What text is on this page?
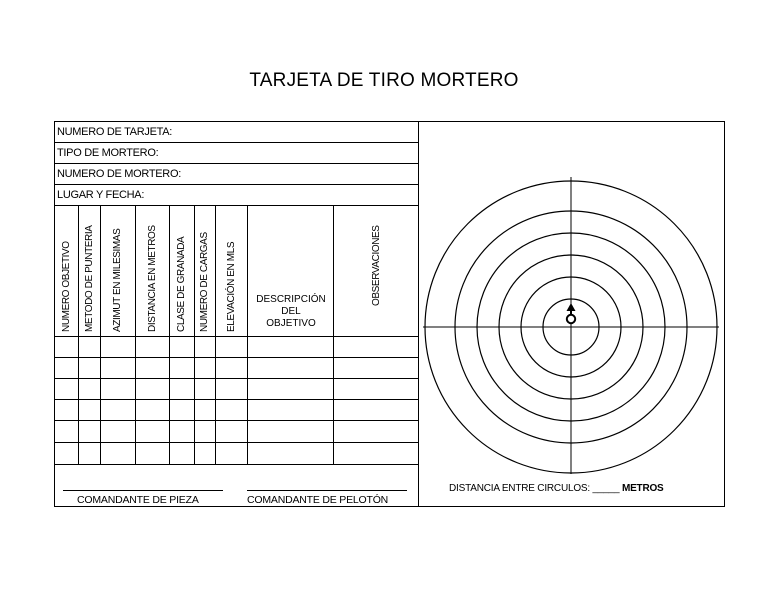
TARJETA DE TIRO MORTERO
NUMERO DE TARJETA:
TIPO DE MORTERO:
NUMERO DE MORTERO:
LUGAR Y FECHA:
NUMERO OBJETIVO METODO DE PUNTERIA AZIMUT EN MILESIMAS DISTANCIA EN METROS CLASE DE GRANADA NUMERO DE CARGAS ELEVACIÓN EN MLS	OBSERVACIONES
DESCRIPCIÓN
DEL
OBJETIVO
COMANDANTE DE PIEZA	COMANDANTE DE PELOTÓN
DISTANCIA ENTRE CIRCULOS: _____ METROS
